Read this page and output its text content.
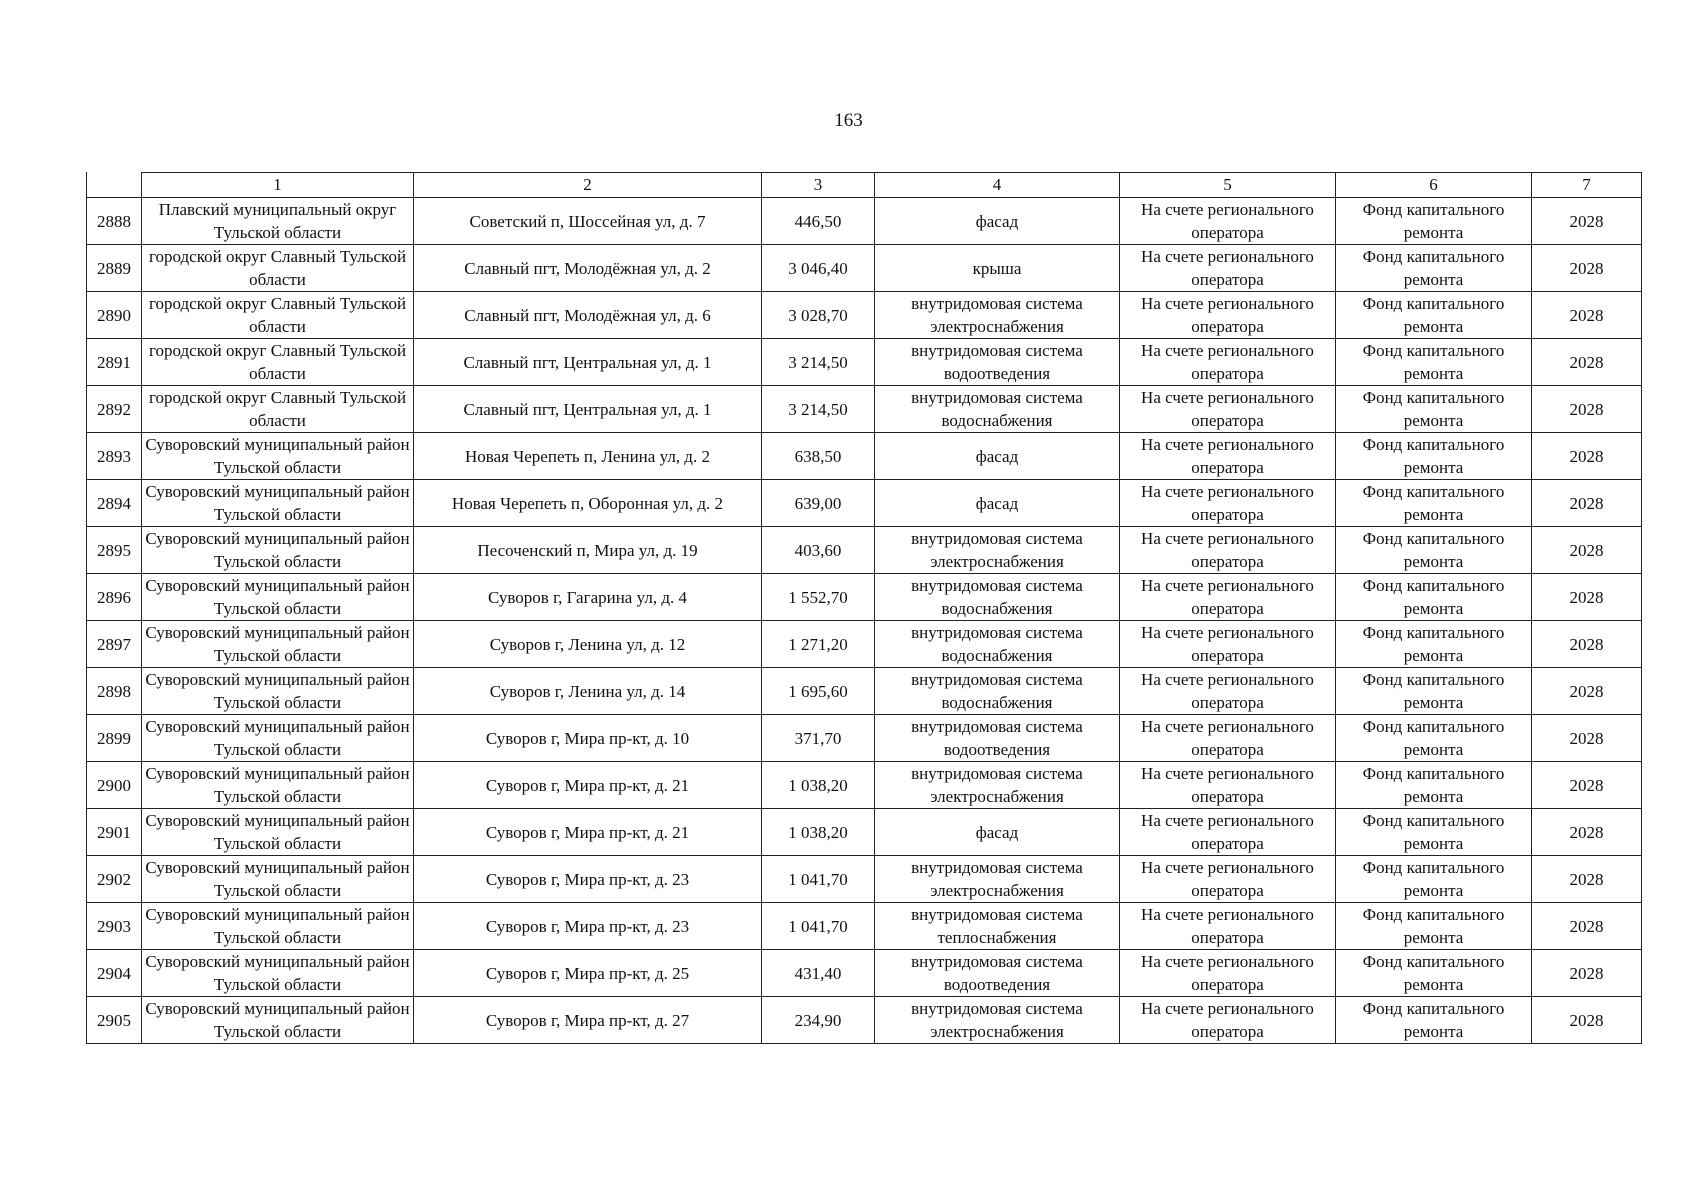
163
	1	2	3	4	5	6	7
2888	Плавский муниципальный округ Тульской области	Советский п, Шоссейная ул, д. 7	446,50	фасад	На счете регионального оператора	Фонд капитального ремонта	2028
2889	городской округ Славный Тульской области	Славный пгт, Молодёжная ул, д. 2	3 046,40	крыша	На счете регионального оператора	Фонд капитального ремонта	2028
2890	городской округ Славный Тульской области	Славный пгт, Молодёжная ул, д. 6	3 028,70	внутридомовая система электроснабжения	На счете регионального оператора	Фонд капитального ремонта	2028
2891	городской округ Славный Тульской области	Славный пгт, Центральная ул, д. 1	3 214,50	внутридомовая система водоотведения	На счете регионального оператора	Фонд капитального ремонта	2028
2892	городской округ Славный Тульской области	Славный пгт, Центральная ул, д. 1	3 214,50	внутридомовая система водоснабжения	На счете регионального оператора	Фонд капитального ремонта	2028
2893	Суворовский муниципальный район Тульской области	Новая Черепеть п, Ленина ул, д. 2	638,50	фасад	На счете регионального оператора	Фонд капитального ремонта	2028
2894	Суворовский муниципальный район Тульской области	Новая Черепеть п, Оборонная ул, д. 2	639,00	фасад	На счете регионального оператора	Фонд капитального ремонта	2028
2895	Суворовский муниципальный район Тульской области	Песоченский п, Мира ул, д. 19	403,60	внутридомовая система электроснабжения	На счете регионального оператора	Фонд капитального ремонта	2028
2896	Суворовский муниципальный район Тульской области	Суворов г, Гагарина ул, д. 4	1 552,70	внутридомовая система водоснабжения	На счете регионального оператора	Фонд капитального ремонта	2028
2897	Суворовский муниципальный район Тульской области	Суворов г, Ленина ул, д. 12	1 271,20	внутридомовая система водоснабжения	На счете регионального оператора	Фонд капитального ремонта	2028
2898	Суворовский муниципальный район Тульской области	Суворов г, Ленина ул, д. 14	1 695,60	внутридомовая система водоснабжения	На счете регионального оператора	Фонд капитального ремонта	2028
2899	Суворовский муниципальный район Тульской области	Суворов г, Мира пр-кт, д. 10	371,70	внутридомовая система водоотведения	На счете регионального оператора	Фонд капитального ремонта	2028
2900	Суворовский муниципальный район Тульской области	Суворов г, Мира пр-кт, д. 21	1 038,20	внутридомовая система электроснабжения	На счете регионального оператора	Фонд капитального ремонта	2028
2901	Суворовский муниципальный район Тульской области	Суворов г, Мира пр-кт, д. 21	1 038,20	фасад	На счете регионального оператора	Фонд капитального ремонта	2028
2902	Суворовский муниципальный район Тульской области	Суворов г, Мира пр-кт, д. 23	1 041,70	внутридомовая система электроснабжения	На счете регионального оператора	Фонд капитального ремонта	2028
2903	Суворовский муниципальный район Тульской области	Суворов г, Мира пр-кт, д. 23	1 041,70	внутридомовая система теплоснабжения	На счете регионального оператора	Фонд капитального ремонта	2028
2904	Суворовский муниципальный район Тульской области	Суворов г, Мира пр-кт, д. 25	431,40	внутридомовая система водоотведения	На счете регионального оператора	Фонд капитального ремонта	2028
2905	Суворовский муниципальный район Тульской области	Суворов г, Мира пр-кт, д. 27	234,90	внутридомовая система электроснабжения	На счете регионального оператора	Фонд капитального ремонта	2028
